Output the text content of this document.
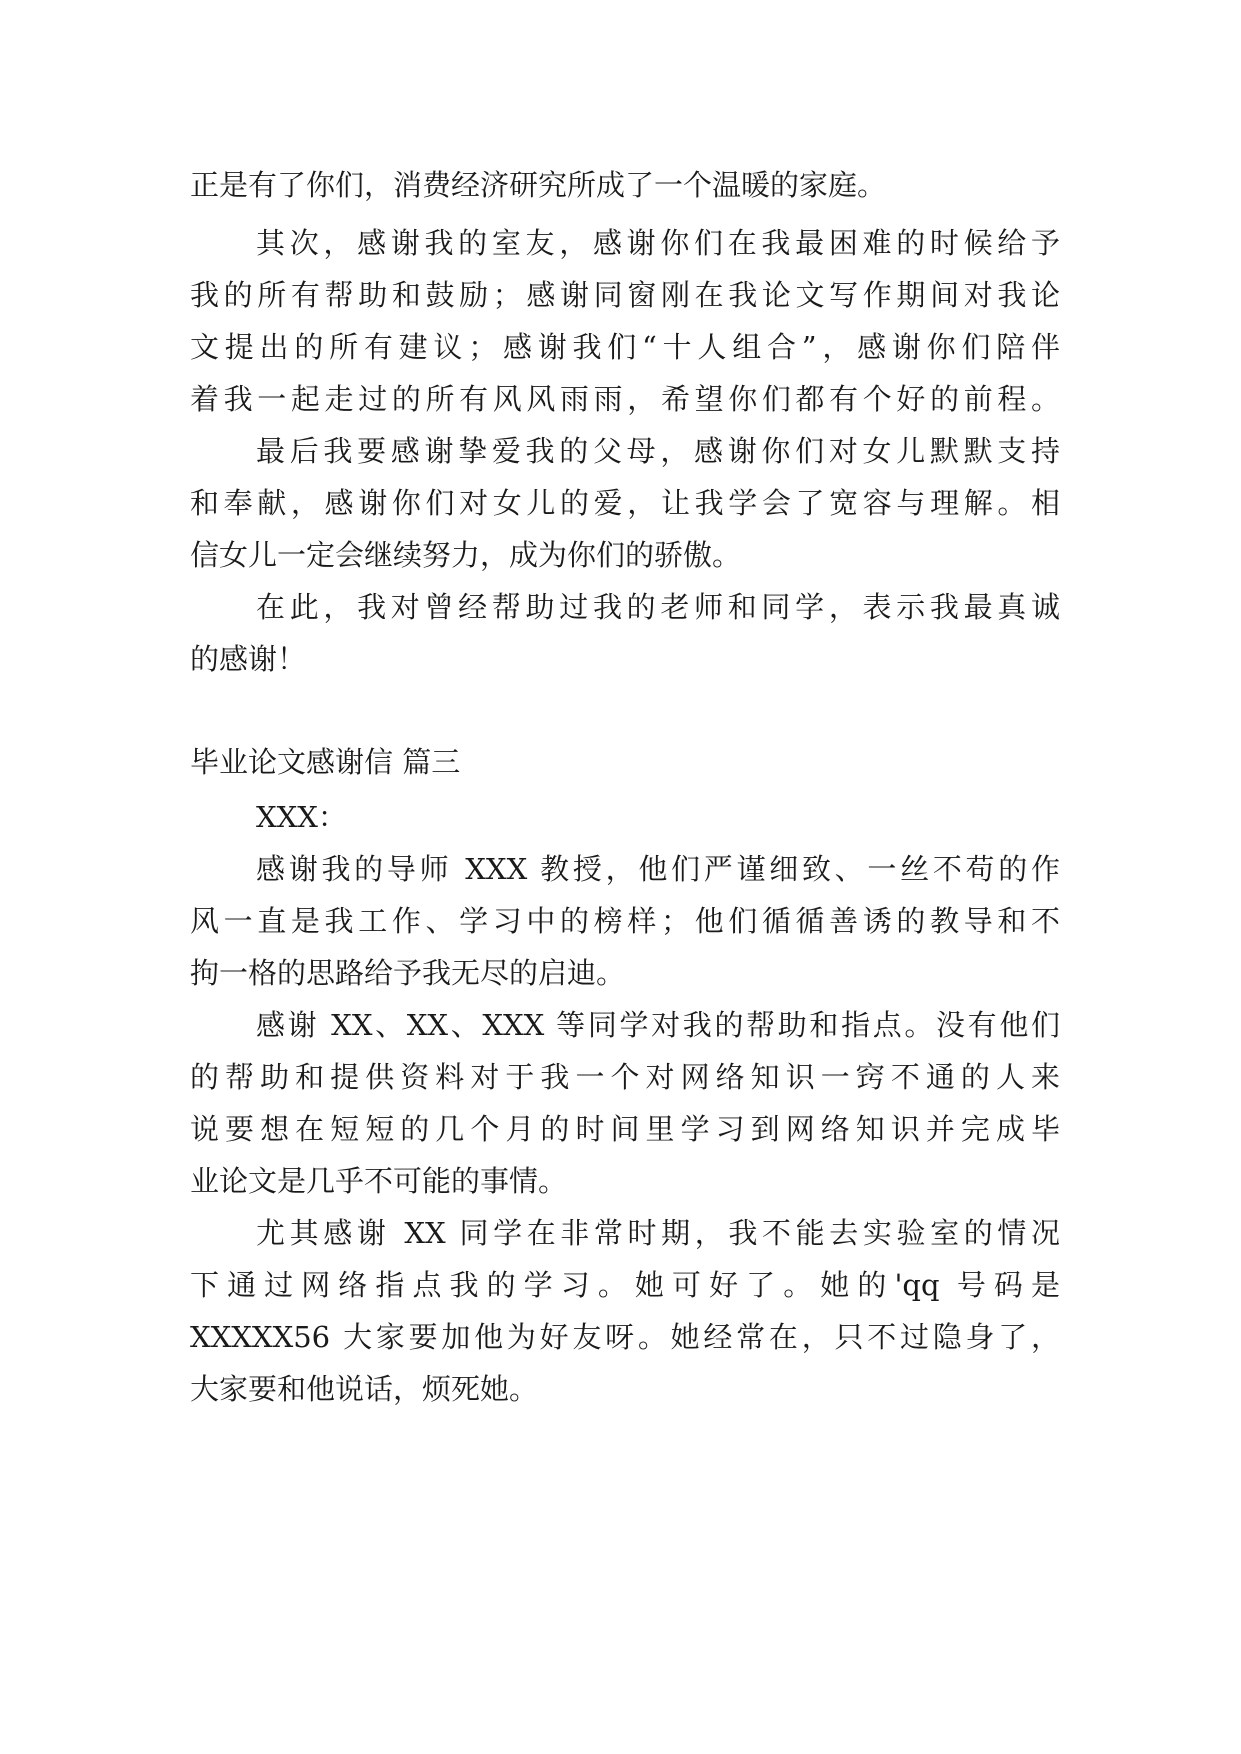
正是有了你们，消费经济研究所成了一个温暖的家庭。
其次，感谢我的室友，感谢你们在我最困难的时候给予
我的所有帮助和鼓励；感谢同窗刚在我论文写作期间对我论
文提出的所有建议；感谢我们“十人组合”，感谢你们陪伴
着我一起走过的所有风风雨雨，希望你们都有个好的前程。
最后我要感谢挚爱我的父母，感谢你们对女儿默默支持
和奉献，感谢你们对女儿的爱，让我学会了宽容与理解。相
信女儿一定会继续努力，成为你们的骄傲。
在此，我对曾经帮助过我的老师和同学，表示我最真诚
的感谢！
毕业论文感谢信 篇三
XXX：
感谢我的导师 XXX 教授，他们严谨细致、一丝不苟的作
风一直是我工作、学习中的榜样；他们循循善诱的教导和不
拘一格的思路给予我无尽的启迪。
感谢 XX、XX、XXX 等同学对我的帮助和指点。没有他们
的帮助和提供资料对于我一个对网络知识一窍不通的人来
说要想在短短的几个月的时间里学习到网络知识并完成毕
业论文是几乎不可能的事情。
尤其感谢 XX 同学在非常时期，我不能去实验室的情况
下通过网络指点我的学习。她可好了。她的'qq 号码是
XXXXX56 大家要加他为好友呀。她经常在，只不过隐身了，
大家要和他说话，烦死她。
